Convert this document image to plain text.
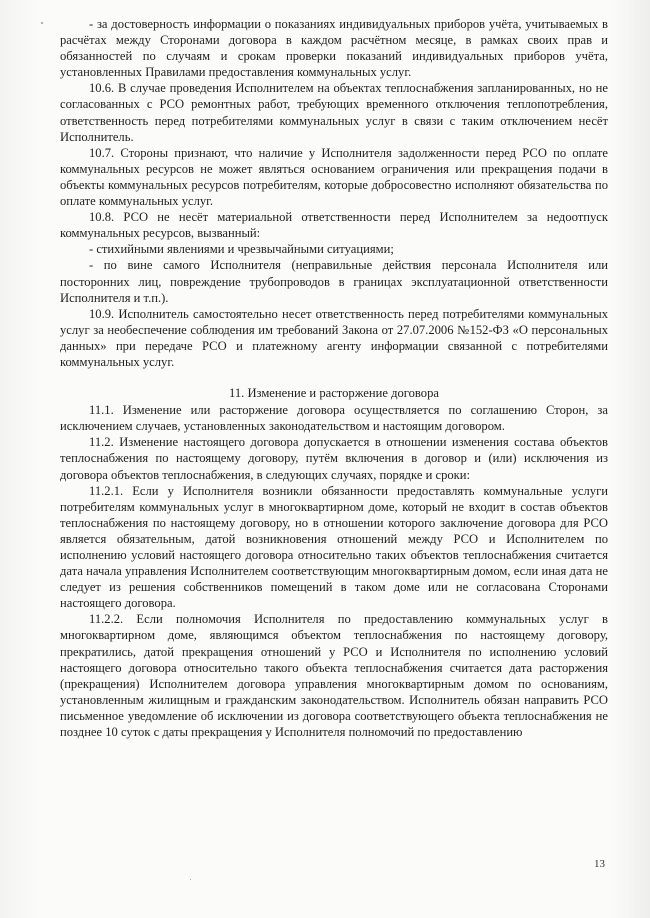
- за достоверность информации о показаниях индивидуальных приборов учёта, учитываемых в расчётах между Сторонами договора в каждом расчётном месяце, в рамках своих прав и обязанностей по случаям и срокам проверки показаний индивидуальных приборов учёта, установленных Правилами предоставления коммунальных услуг.

10.6. В случае проведения Исполнителем на объектах теплоснабжения запланированных, но не согласованных с РСО ремонтных работ, требующих временного отключения теплопотребления, ответственность перед потребителями коммунальных услуг в связи с таким отключением несёт Исполнитель.

10.7. Стороны признают, что наличие у Исполнителя задолженности перед РСО по оплате коммунальных ресурсов не может являться основанием ограничения или прекращения подачи в объекты коммунальных ресурсов потребителям, которые добросовестно исполняют обязательства по оплате коммунальных услуг.

10.8. РСО не несёт материальной ответственности перед Исполнителем за недоотпуск коммунальных ресурсов, вызванный:

- стихийными явлениями и чрезвычайными ситуациями;

- по вине самого Исполнителя (неправильные действия персонала Исполнителя или посторонних лиц, повреждение трубопроводов в границах эксплуатационной ответственности Исполнителя и т.п.).

10.9. Исполнитель самостоятельно несет ответственность перед потребителями коммунальных услуг за необеспечение соблюдения им требований Закона от 27.07.2006 №152-ФЗ «О персональных данных» при передаче РСО и платежному агенту информации связанной с потребителями коммунальных услуг.

11. Изменение и расторжение договора

11.1. Изменение или расторжение договора осуществляется по соглашению Сторон, за исключением случаев, установленных законодательством и настоящим договором.

11.2. Изменение настоящего договора допускается в отношении изменения состава объектов теплоснабжения по настоящему договору, путём включения в договор и (или) исключения из договора объектов теплоснабжения, в следующих случаях, порядке и сроки:

11.2.1. Если у Исполнителя возникли обязанности предоставлять коммунальные услуги потребителям коммунальных услуг в многоквартирном доме, который не входит в состав объектов теплоснабжения по настоящему договору, но в отношении которого заключение договора для РСО является обязательным, датой возникновения отношений между РСО и Исполнителем по исполнению условий настоящего договора относительно таких объектов теплоснабжения считается дата начала управления Исполнителем соответствующим многоквартирным домом, если иная дата не следует из решения собственников помещений в таком доме или не согласована Сторонами настоящего договора.

11.2.2. Если полномочия Исполнителя по предоставлению коммунальных услуг в многоквартирном доме, являющимся объектом теплоснабжения по настоящему договору, прекратились, датой прекращения отношений у РСО и Исполнителя по исполнению условий настоящего договора относительно такого объекта теплоснабжения считается дата расторжения (прекращения) Исполнителем договора управления многоквартирным домом по основаниям, установленным жилищным и гражданским законодательством. Исполнитель обязан направить РСО письменное уведомление об исключении из договора соответствующего объекта теплоснабжения не позднее 10 суток с даты прекращения у Исполнителя полномочий по предоставлению

13
